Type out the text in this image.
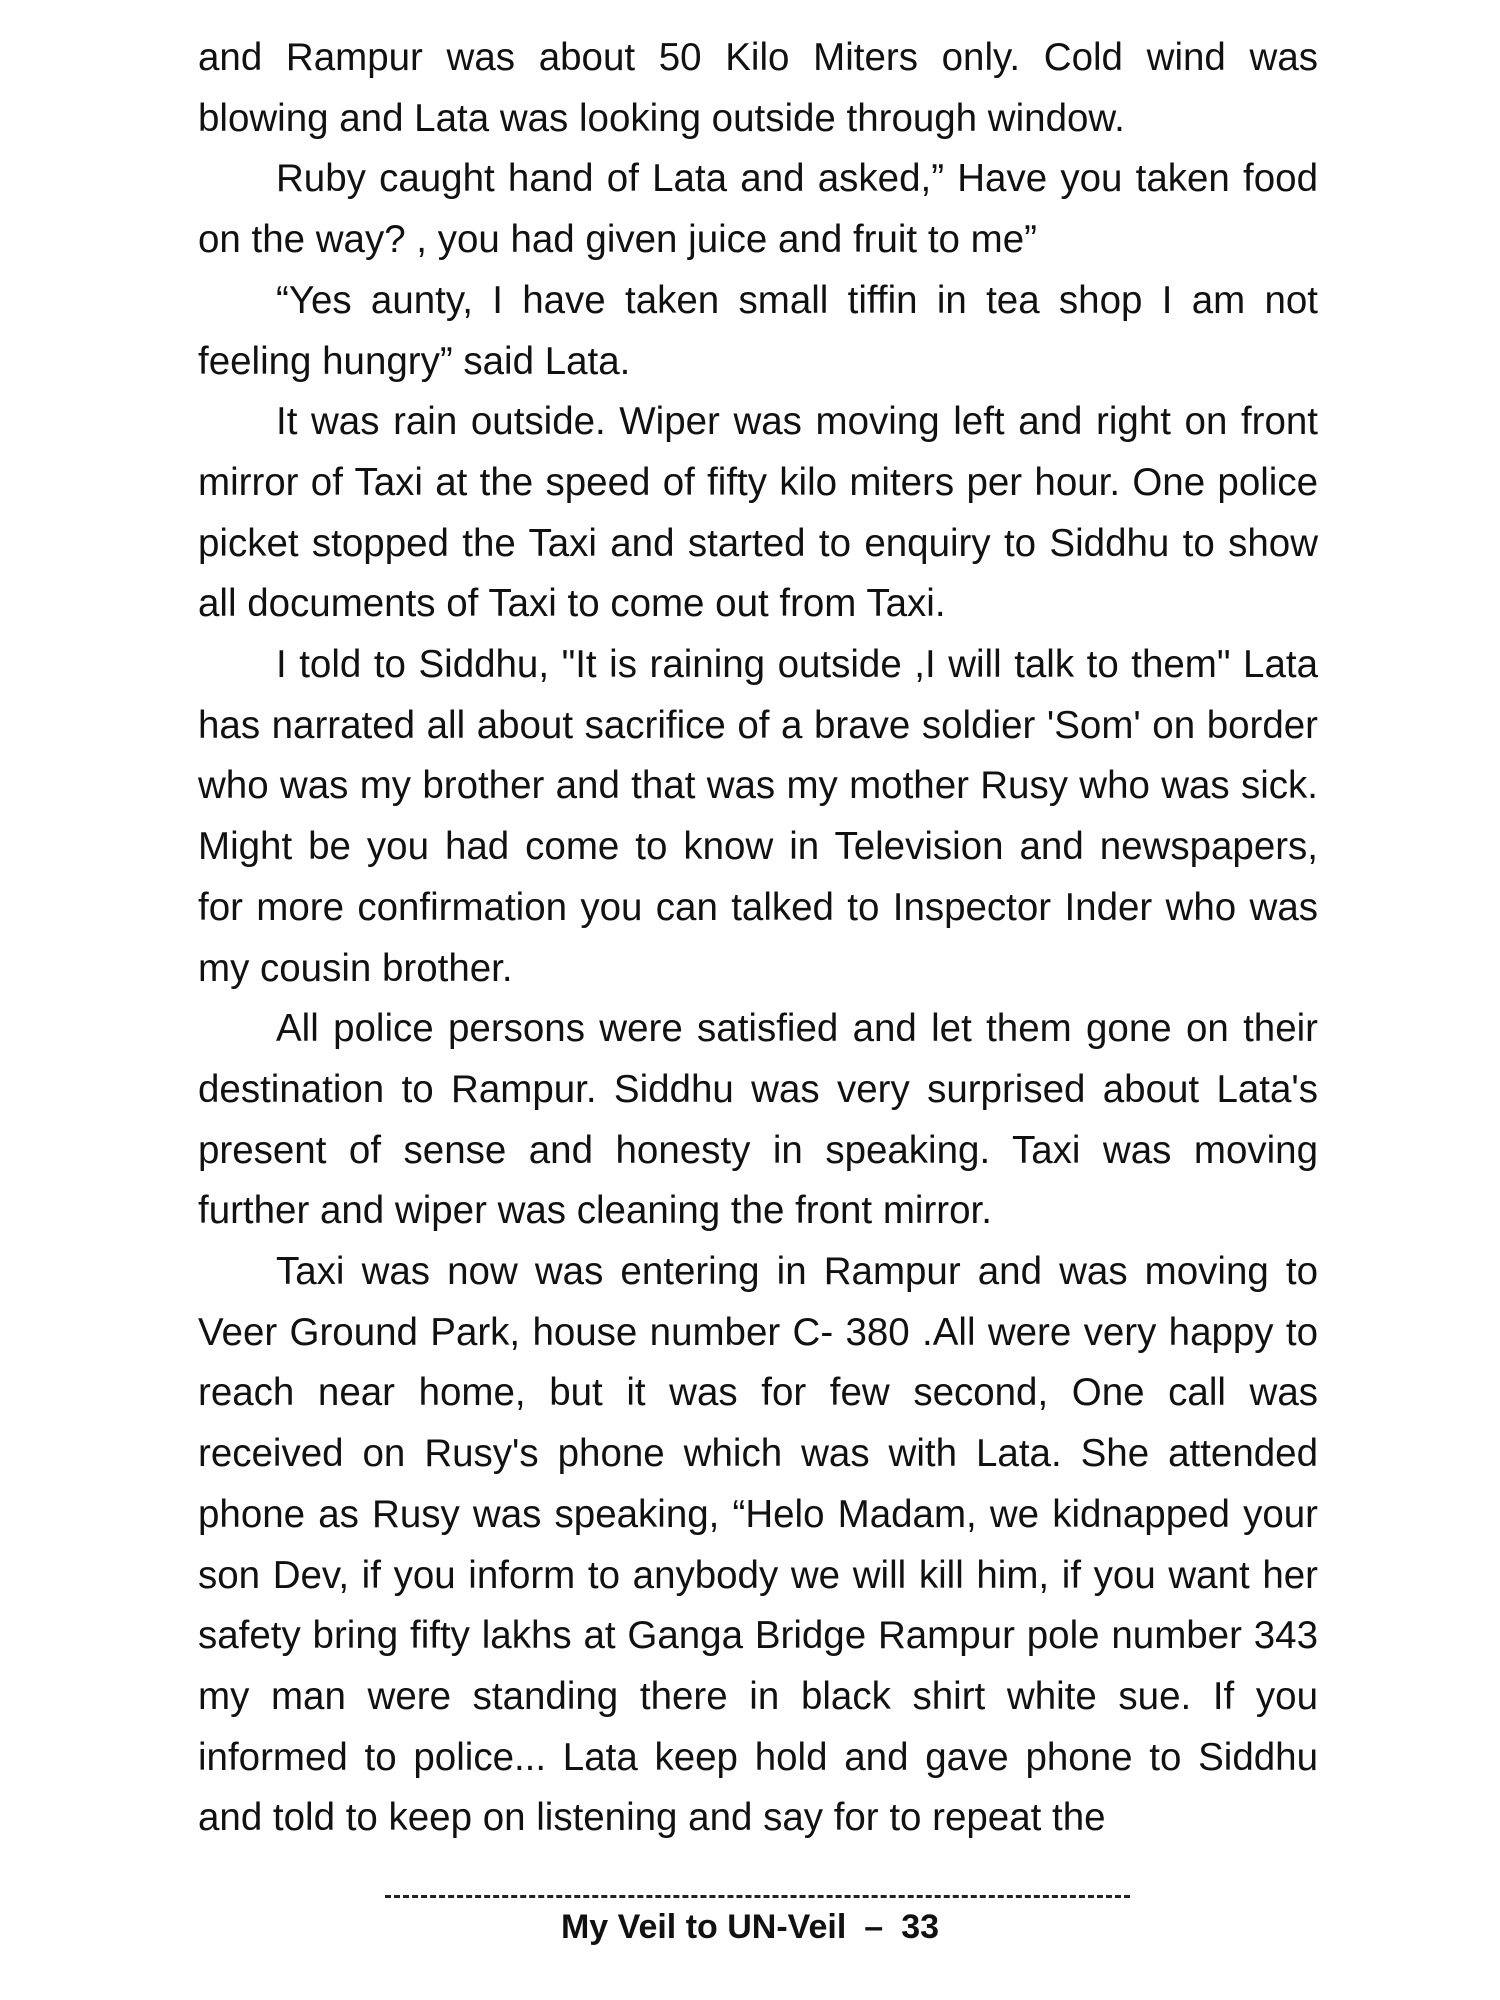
and Rampur was about 50 Kilo Miters only. Cold wind was blowing and Lata was looking outside through window.

Ruby caught hand of Lata and asked,” Have you taken food on the way? , you had given juice and fruit to me”

“Yes aunty, I have taken small tiffin in tea shop I am not feeling hungry” said Lata.

It was rain outside. Wiper was moving left and right on front mirror of Taxi at the speed of fifty kilo miters per hour. One police picket stopped the Taxi and started to enquiry to Siddhu to show all documents of Taxi to come out from Taxi.

I told to Siddhu, "It is raining outside ,I will talk to them" Lata has narrated all about sacrifice of a brave soldier 'Som' on border who was my brother and that was my mother Rusy who was sick. Might be you had come to know in Television and newspapers, for more confirmation you can talked to Inspector Inder who was my cousin brother.

All police persons were satisfied and let them gone on their destination to Rampur. Siddhu was very surprised about Lata's present of sense and honesty in speaking. Taxi was moving further and wiper was cleaning the front mirror.

Taxi was now was entering in Rampur and was moving to Veer Ground Park, house number C- 380 .All were very happy to reach near home, but it was for few second, One call was received on Rusy's phone which was with Lata. She attended phone as Rusy was speaking, “Helo Madam, we kidnapped your son Dev, if you inform to anybody we will kill him, if you want her safety bring fifty lakhs at Ganga Bridge Rampur pole number 343 my man were standing there in black shirt white sue. If you informed to police... Lata keep hold and gave phone to Siddhu and told to keep on listening and say for to repeat the

My Veil to UN-Veil – 33
